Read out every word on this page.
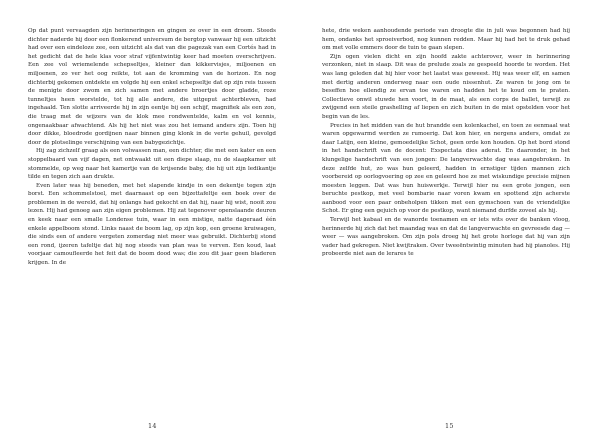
Op dat punt vervaagden zijn herinneringen en gingen ze over in een droom. Steeds dichter naderde hij door een flonkerend universum de bergtop vanwaar hij een uitzicht had over een eindeloze zee, een uitzicht als dat van die pagezak van een Cortés had in het gedicht dat de hele klas voor straf vijfentwintig keer had moeten overschrijven. Een zee vol wriemelende schepseltjes, kleiner dan kikkervisjes, miljoenen en miljoenen, zo ver het oog reikte, tot aan de kromming van de horizon. En nog dichterbij gekomen ontdekte en volgde hij een enkel schepseltje dat op zijn reis tussen de menigte door zwom en zich samen met andere broertjes door gladde, roze tunneltjes heen worstelde, tot hij alle andere, die uitgeput achterbleven, had ingehaald. Ten slotte arriveerde hij in zijn eentje bij een schijf, magnifiek als een zon, die traag met de wijzers van de klok mee rondwentelde, kalm en vol kennis, ongenaakbaar afwachtend. Als hij het niet was zou het iemand anders zijn. Toen hij door dikke, bloedrode gordijnen naar binnen ging klonk in de verte gehuil, gevolgd door de plotselinge verschijning van een babygezichtje.

Hij zag zichzelf graag als een volwassen man, een dichter, die met een kater en een stoppelbaard van vijf dagen, net ontwaakt uit een diepe slaap, nu de slaapkamer uit stommelde, op weg naar het kamertje van de krijsende baby, die hij uit zijn ledikantje tilde en tegen zich aan drukte.

Even later was hij beneden, met het slapende kindje in een dekentje tegen zijn borst. Een schommelstoel, met daarnaast op een bijzettafeltje een boek over de problemen in de wereld, dat hij onlangs had gekocht en dat hij, naar hij wist, nooit zou lezen. Hij had genoeg aan zijn eigen problemen. Hij zat tegenover openslaande deuren en keek naar een smalle Londense tuin, waar in een mistige, natte dageraad één enkele appelboom stond. Links naast de boom lag, op zijn kop, een groene kruiwagen, die sinds een of andere vergeten zomerdag niet meer was gebruikt. Dichterbij stond een rond, ijzeren tafeltje dat hij nog steeds van plan was te verven. Een koud, laat voorjaar camoufleerde het feit dat de boom dood was; die zou dit jaar geen bladeren krijgen. In de

14

hete, drie weken aanhoudende periode van droogte die in juli was begonnen had hij hem, ondanks het sproeiverbod, nog kunnen redden. Maar hij had het te druk gehad om met volle emmers door de tuin te gaan slepen.

Zijn ogen vielen dicht en zijn hoofd zakte achterover, weer in herinnering verzonken, niet in slaap. Dit was de prelude zoals ze gespeeld hoorde te worden. Het was lang geleden dat hij hier voor het laatst was geweest. Hij was weer elf, en samen met dertig anderen onderweg naar een oude nissenhut. Ze waren te jong om te beseffen hoe ellendig ze ervan toe waren en hadden het te koud om te praten. Collectieve onwil stuwde hen voort, in de maat, als een corps de ballet, terwijl ze zwijgend een steile grashelling af liepen en zich buiten in de mist opstelden voor het begin van de les.

Precies in het midden van de hut brandde een kolenkachel, en toen ze eenmaal wat waren opgewarmd werden ze rumoerig. Dat kon hier, en nergens anders, omdat ze daar Latijn, een kleine, gemoedelijke Schot, geen orde kon houden. Op het bord stond in het handschrift van de docent: Exspectata dies aderat. En daaronder, in het klungelige handschrift van een jongen: De langverwachte dag was aangebroken. In deze zelfde hut, zo was hun geleerd, hadden in ernstiger tijden mannen zich voorbereid op oorlogvoering op zee en geleerd hoe ze met wiskundige precisie mijnen moesten leggen. Dat was hun huiswerkje. Terwijl hier nu een grote jongen, een beruchte pestkop, met veel bombarie naar voren kwam en spottend zijn acherste aanbood voor een paar onbeholpen tikken met een gymschoen van de vriendelijke Schot. Er ging een gejuich op voor de pestkop, want niemand durfde zoveel als hij.

Terwijl het kabaal en de wanorde toenamen en er iets wits over de banken vloog, herinnerde hij zich dat het maandag was en dat de langverwachte en gevreesde dag — weer — was aangebroken. Om zijn pols droeg hij het grote horloge dat hij van zijn vader had gekregen. Niet kwijtraken. Over tweeëntwintig minuten had hij pianoles. Hij probeerde niet aan de lerares te

15
